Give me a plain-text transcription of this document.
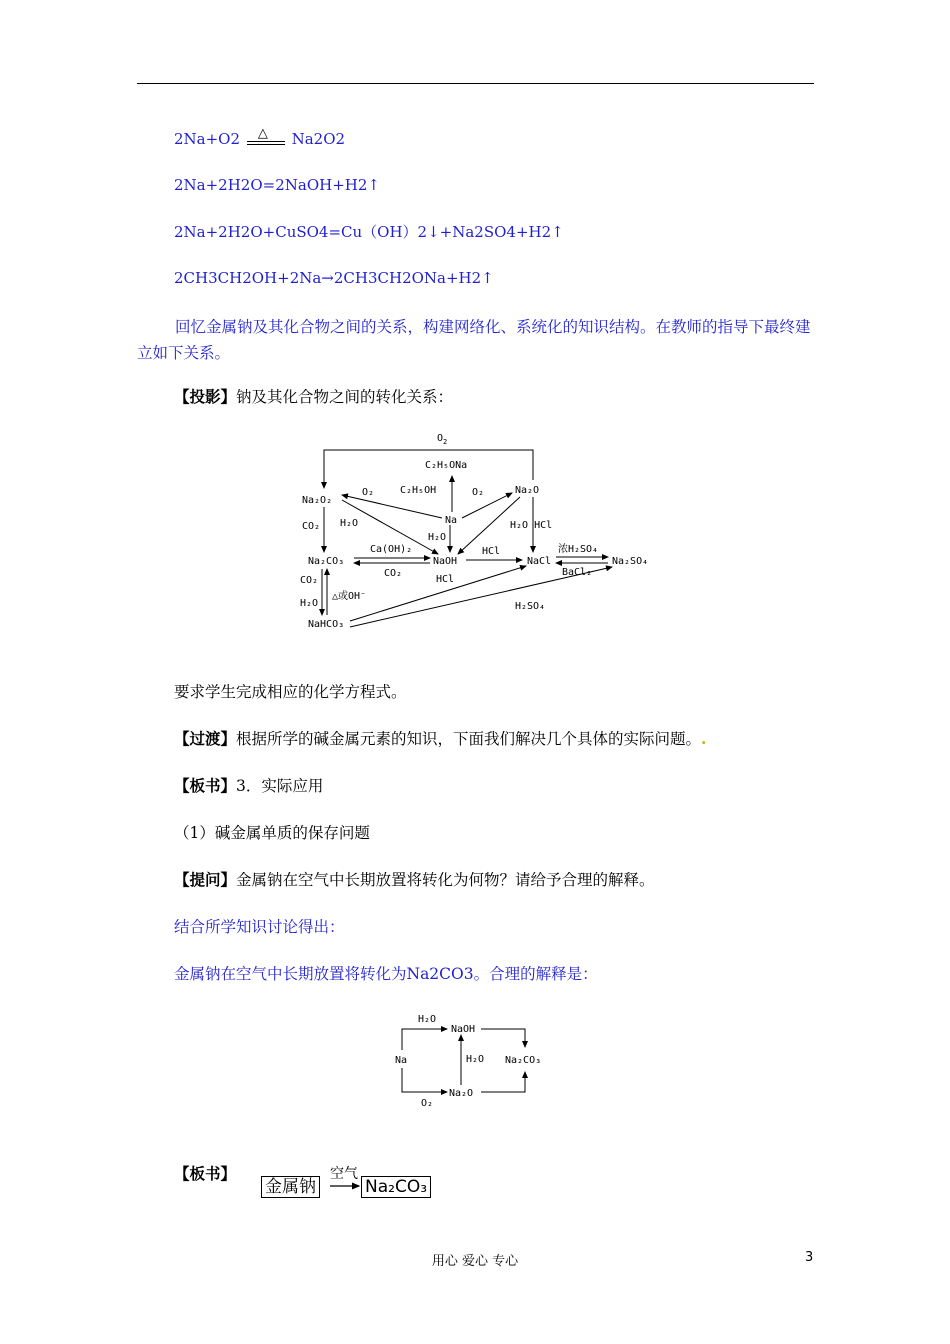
2Na+O2 △ Na2O2
2Na+2H2O=2NaOH+H2↑
2Na+2H2O+CuSO4=Cu（OH）2↓+Na2SO4+H2↑
2CH3CH2OH+2Na→2CH3CH2ONa+H2↑
回忆金属钠及其化合物之间的关系，构建网络化、系统化的知识结构。在教师的指导下最终建立如下关系。
【投影】钠及其化合物之间的转化关系：
$O_2$
C₂H₅ONa
Na₂O₂
O₂	C₂H₅OH	O₂	Na₂O
CO₂ H₂O	Na	H₂O HCl
H₂O
Ca(OH)₂	HCl	浓H₂SO₄
Na₂CO₃	NaOH	NaCl	Na₂SO₄
CO₂
HCl
BaCl₂
CO₂
△或OH⁻
H₂O	H₂SO₄
NaHCO₃
要求学生完成相应的化学方程式。
【过渡】根据所学的碱金属元素的知识，下面我们解决几个具体的实际问题。.
【板书】3．实际应用
（1）碱金属单质的保存问题
【提问】金属钠在空气中长期放置将转化为何物？请给予合理的解释。
结合所学知识讨论得出：
金属钠在空气中长期放置将转化为Na2CO3。合理的解释是：
H₂O
NaOH
Na	H₂O Na₂CO₃
Na₂O
O₂
【板书】
金属钠
空气
Na₂CO₃
用心 爱心 专心	3
